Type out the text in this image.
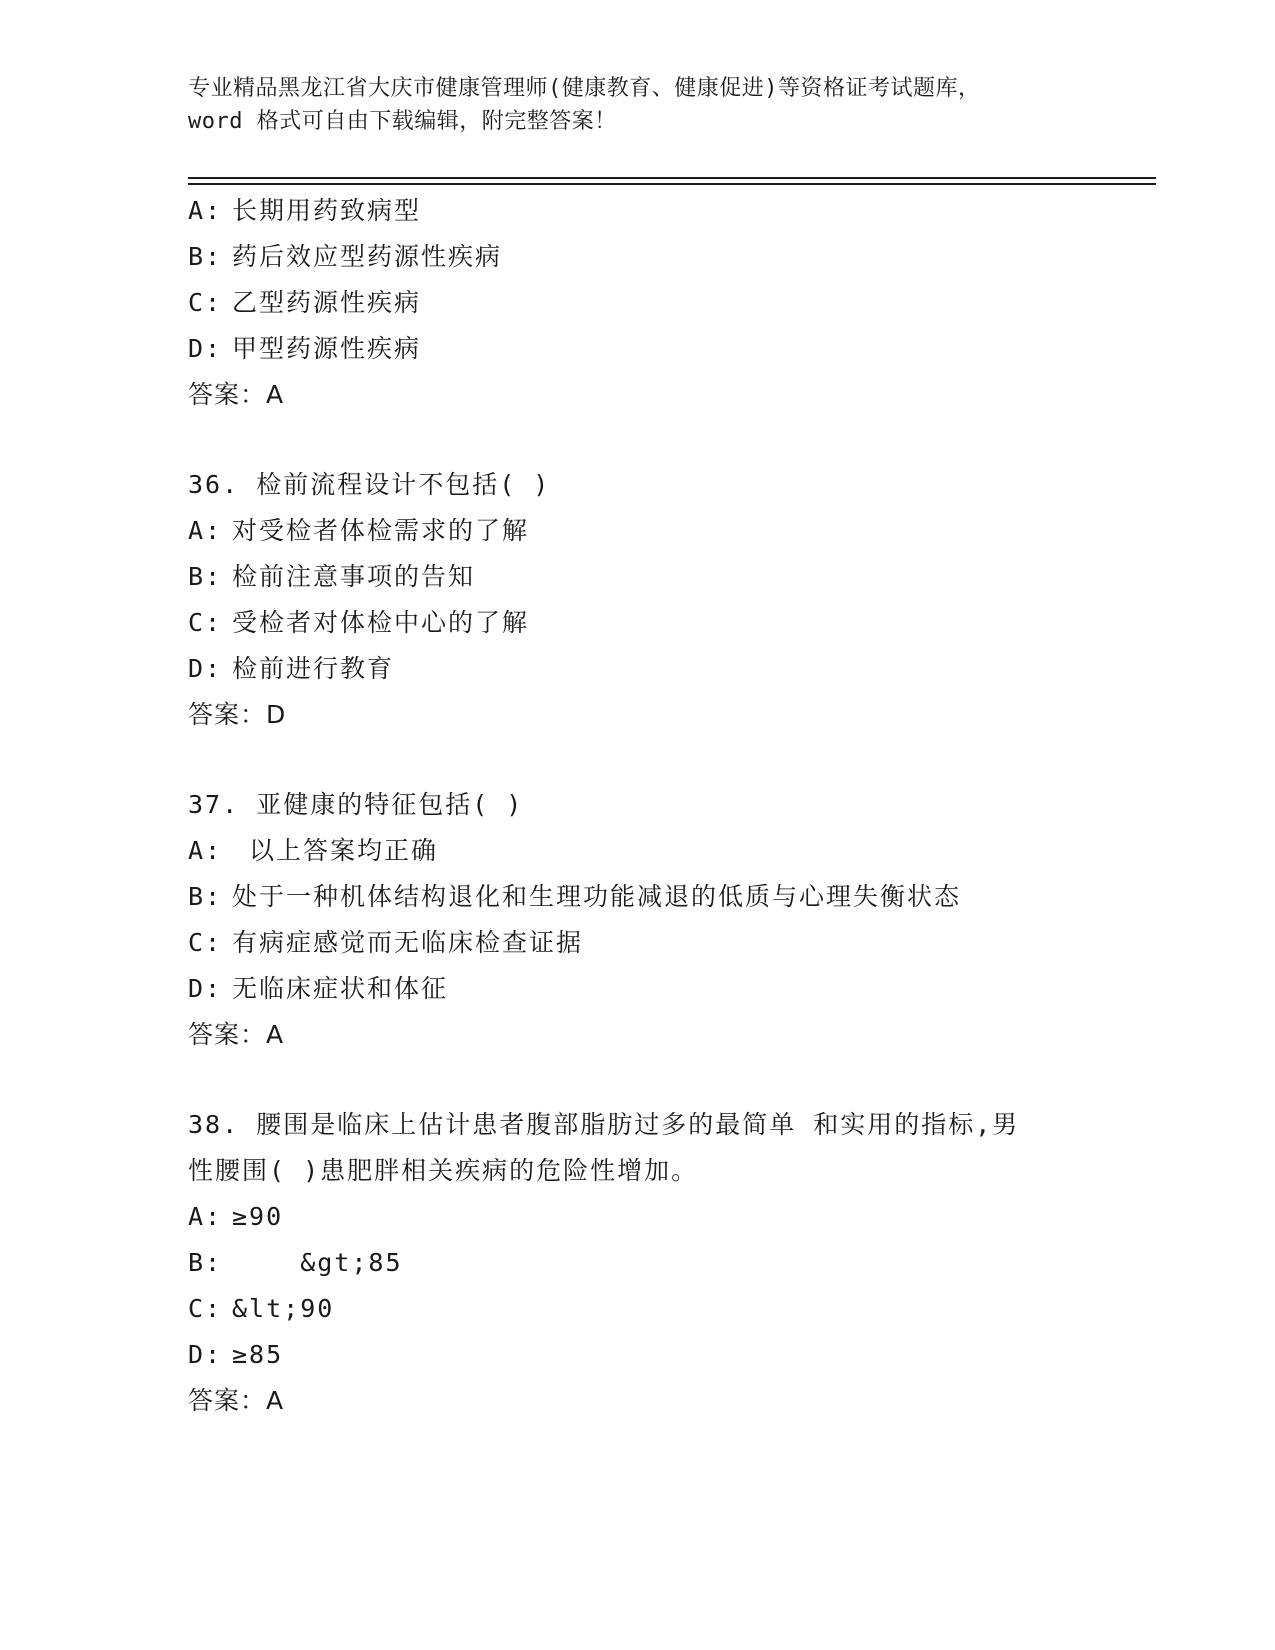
专业精品黑龙江省大庆市健康管理师(健康教育、健康促进)等资格证考试题库，
word 格式可自由下载编辑，附完整答案！
A: 长期用药致病型
B: 药后效应型药源性疾病
C: 乙型药源性疾病
D: 甲型药源性疾病
答案：A
36. 检前流程设计不包括( )
A: 对受检者体检需求的了解
B: 检前注意事项的告知
C: 受检者对体检中心的了解
D: 检前进行教育
答案：D
37. 亚健康的特征包括( )
A: 以上答案均正确
B: 处于一种机体结构退化和生理功能减退的低质与心理失衡状态
C: 有病症感觉而无临床检查证据
D: 无临床症状和体征
答案：A
38. 腰围是临床上估计患者腹部脂肪过多的最简单 和实用的指标,男
性腰围( )患肥胖相关疾病的危险性增加。
A: ≥90
B:    &gt;85
C: &lt;90
D: ≥85
答案：A
